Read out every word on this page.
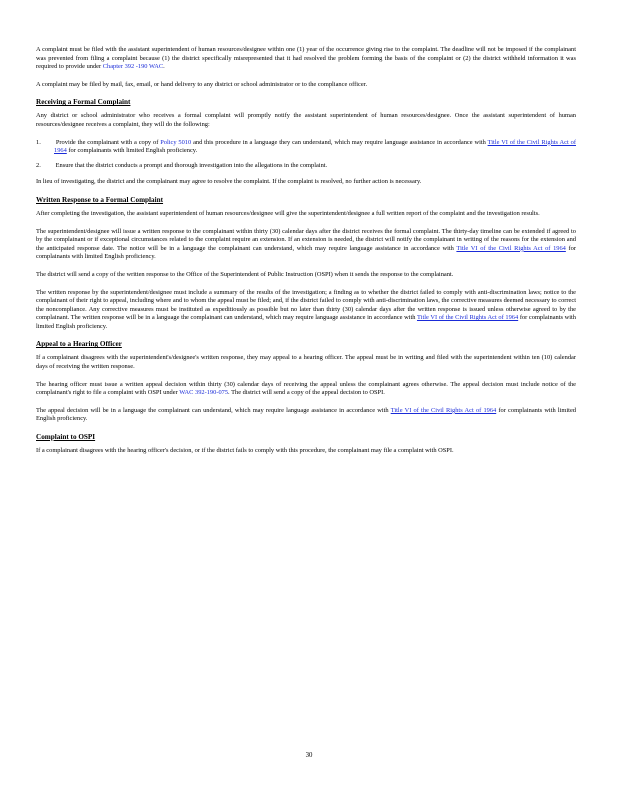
A complaint must be filed with the assistant superintendent of human resources/designee within one (1) year of the occurrence giving rise to the complaint. The deadline will not be imposed if the complainant was prevented from filing a complaint because (1) the district specifically misrepresented that it had resolved the problem forming the basis of the complaint or (2) the district withheld information it was required to provide under Chapter 392 -190 WAC.

A complaint may be filed by mail, fax, email, or hand delivery to any district or school administrator or to the compliance officer.

Receiving a Formal Complaint

Any district or school administrator who receives a formal complaint will promptly notify the assistant superintendent of human resources/designee. Once the assistant superintendent of human resources/designee receives a complaint, they will do the following:

1. Provide the complainant with a copy of Policy 5010 and this procedure in a language they can understand, which may require language assistance in accordance with Title VI of the Civil Rights Act of 1964 for complainants with limited English proficiency.
2. Ensure that the district conducts a prompt and thorough investigation into the allegations in the complaint.

In lieu of investigating, the district and the complainant may agree to resolve the complaint. If the complaint is resolved, no further action is necessary.

Written Response to a Formal Complaint

After completing the investigation, the assistant superintendent of human resources/designee will give the superintendent/designee a full written report of the complaint and the investigation results.

The superintendent/designee will issue a written response to the complainant within thirty (30) calendar days after the district receives the formal complaint. The thirty-day timeline can be extended if agreed to by the complainant or if exceptional circumstances related to the complaint require an extension. If an extension is needed, the district will notify the complainant in writing of the reasons for the extension and the anticipated response date. The notice will be in a language the complainant can understand, which may require language assistance in accordance with Title VI of the Civil Rights Act of 1964 for complainants with limited English proficiency.

The district will send a copy of the written response to the Office of the Superintendent of Public Instruction (OSPI) when it sends the response to the complainant.

The written response by the superintendent/designee must include a summary of the results of the investigation; a finding as to whether the district failed to comply with anti-discrimination laws; notice to the complainant of their right to appeal, including where and to whom the appeal must be filed; and, if the district failed to comply with anti-discrimination laws, the corrective measures deemed necessary to correct the noncompliance. Any corrective measures must be instituted as expeditiously as possible but no later than thirty (30) calendar days after the written response is issued unless otherwise agreed to by the complainant. The written response will be in a language the complainant can understand, which may require language assistance in accordance with Title VI of the Civil Rights Act of 1964 for complainants with limited English proficiency.

Appeal to a Hearing Officer

If a complainant disagrees with the superintendent's/designee's written response, they may appeal to a hearing officer. The appeal must be in writing and filed with the superintendent within ten (10) calendar days of receiving the written response.

The hearing officer must issue a written appeal decision within thirty (30) calendar days of receiving the appeal unless the complainant agrees otherwise. The appeal decision must include notice of the complainant's right to file a complaint with OSPI under WAC 392-190-075. The district will send a copy of the appeal decision to OSPI.

The appeal decision will be in a language the complainant can understand, which may require language assistance in accordance with Title VI of the Civil Rights Act of 1964 for complainants with limited English proficiency.

Complaint to OSPI

If a complainant disagrees with the hearing officer's decision, or if the district fails to comply with this procedure, the complainant may file a complaint with OSPI.

30
